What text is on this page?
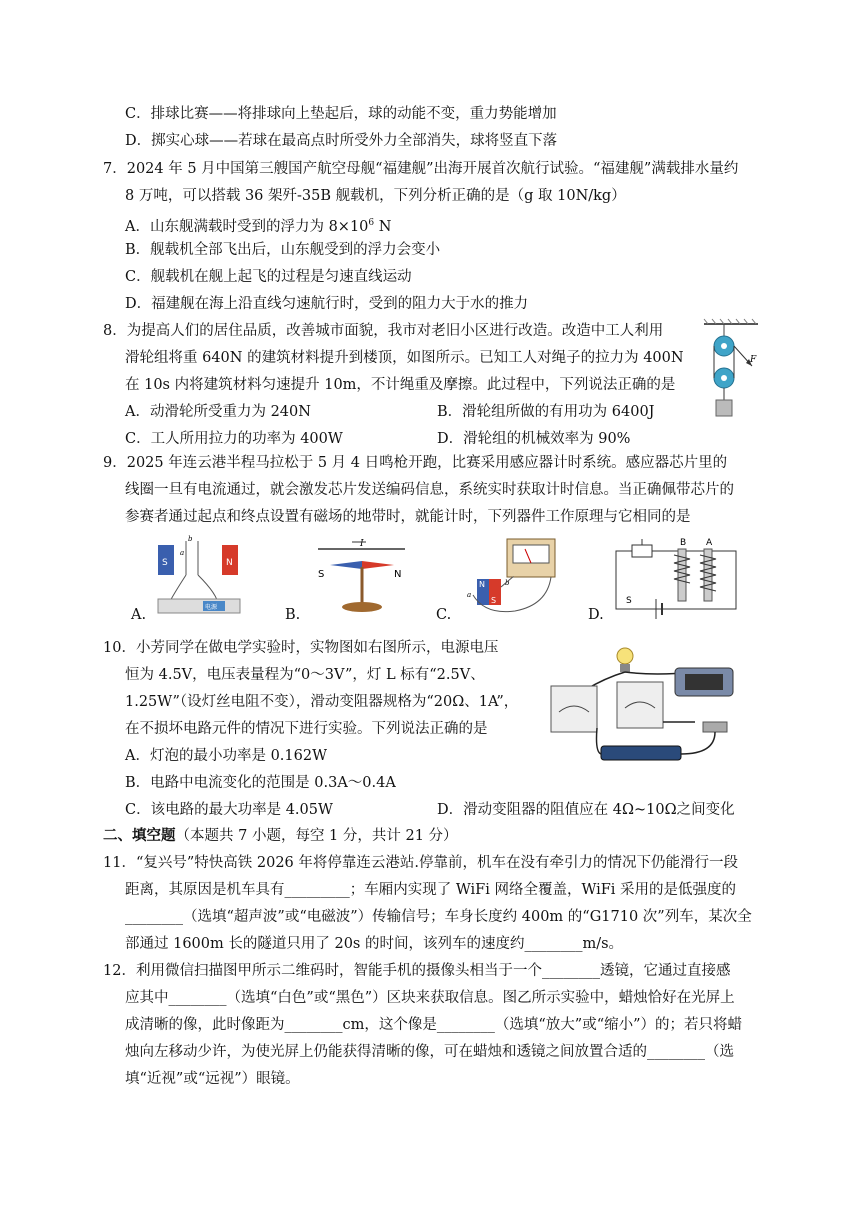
C．排球比赛——将排球向上垫起后，球的动能不变，重力势能增加
D．掷实心球——若球在最高点时所受外力全部消失，球将竖直下落
7．2024 年 5 月中国第三艘国产航空母舰“福建舰”出海开展首次航行试验。“福建舰”满载排水量约
8 万吨，可以搭载 36 架歼-35B 舰载机，下列分析正确的是（g 取 10N/kg）
A．山东舰满载时受到的浮力为 $8\times 10^6$ N
B．舰载机全部飞出后，山东舰受到的浮力会变小
C．舰载机在舰上起飞的过程是匀速直线运动
D．福建舰在海上沿直线匀速航行时，受到的阻力大于水的推力
8．为提高人们的居住品质，改善城市面貌，我市对老旧小区进行改造。改造中工人利用
滑轮组将重 640N 的建筑材料提升到楼顶，如图所示。已知工人对绳子的拉力为 400N
在 10s 内将建筑材料匀速提升 10m，不计绳重及摩擦。此过程中，下列说法正确的是
A．动滑轮所受重力为 240N	B．滑轮组所做的有用功为 6400J
C．工人所用拉力的功率为 400W	D．滑轮组的机械效率为 90%
F
9．2025 年连云港半程马拉松于 5 月 4 日鸣枪开跑，比赛采用感应器计时系统。感应器芯片里的
线圈一旦有电流通过，就会激发芯片发送编码信息，系统实时获取计时信息。当正确佩带芯片的
参赛者通过起点和终点设置有磁场的地带时，就能计时，下列器件工作原理与它相同的是
S	N
b
a
电源
A.
I
S	N
B.
N
S
a
b
C.
B A
S
D.
10．小芳同学在做电学实验时，实物图如右图所示，电源电压
恒为 4.5V，电压表量程为“0～3V”，灯 L 标有“2.5V、
1.25W”（设灯丝电阻不变），滑动变阻器规格为“20Ω、1A”，
在不损坏电路元件的情况下进行实验。下列说法正确的是
A．灯泡的最小功率是 0.162W
B．电路中电流变化的范围是 0.3A～0.4A
C．该电路的最大功率是 4.05W	D．滑动变阻器的阻值应在 4Ω~10Ω之间变化
二、填空题（本题共 7 小题，每空 1 分，共计 21 分）
11．“复兴号”特快高铁 2026 年将停靠连云港站.停靠前，机车在没有牵引力的情况下仍能滑行一段
距离，其原因是机车具有_________；车厢内实现了 WiFi 网络全覆盖，WiFi 采用的是低强度的
________（选填“超声波”或“电磁波”）传输信号；车身长度约 400m 的“G1710 次”列车，某次全
部通过 1600m 长的隧道只用了 20s 的时间，该列车的速度约________m/s。
12．利用微信扫描图甲所示二维码时，智能手机的摄像头相当于一个________透镜，它通过直接感
应其中________（选填“白色”或“黑色”）区块来获取信息。图乙所示实验中，蜡烛恰好在光屏上
成清晰的像，此时像距为________cm，这个像是________（选填“放大”或“缩小”）的；若只将蜡
烛向左移动少许，为使光屏上仍能获得清晰的像，可在蜡烛和透镜之间放置合适的________（选
填“近视”或“远视”）眼镜。
